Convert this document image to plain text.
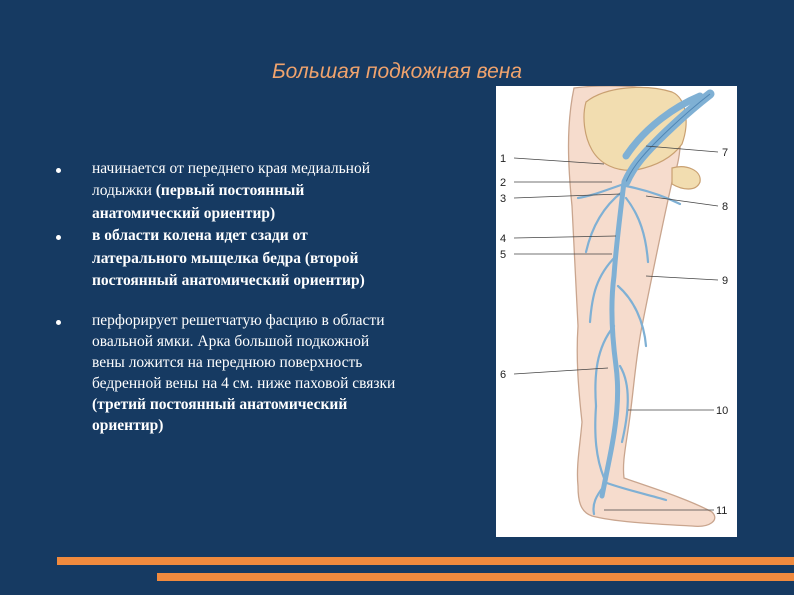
Большая подкожная вена
начинается от переднего края медиальной лодыжки (первый постоянный анатомический ориентир)
в области колена идет сзади от латерального мыщелка бедра (второй постоянный анатомический ориентир)
перфорирует решетчатую фасцию в области овальной ямки. Арка большой подкожной вены ложится на переднюю поверхность бедренной вены на 4 см. ниже паховой связки (третий постоянный анатомический ориентир)
1
2
3
4
5
6
7
8
9
10
11
